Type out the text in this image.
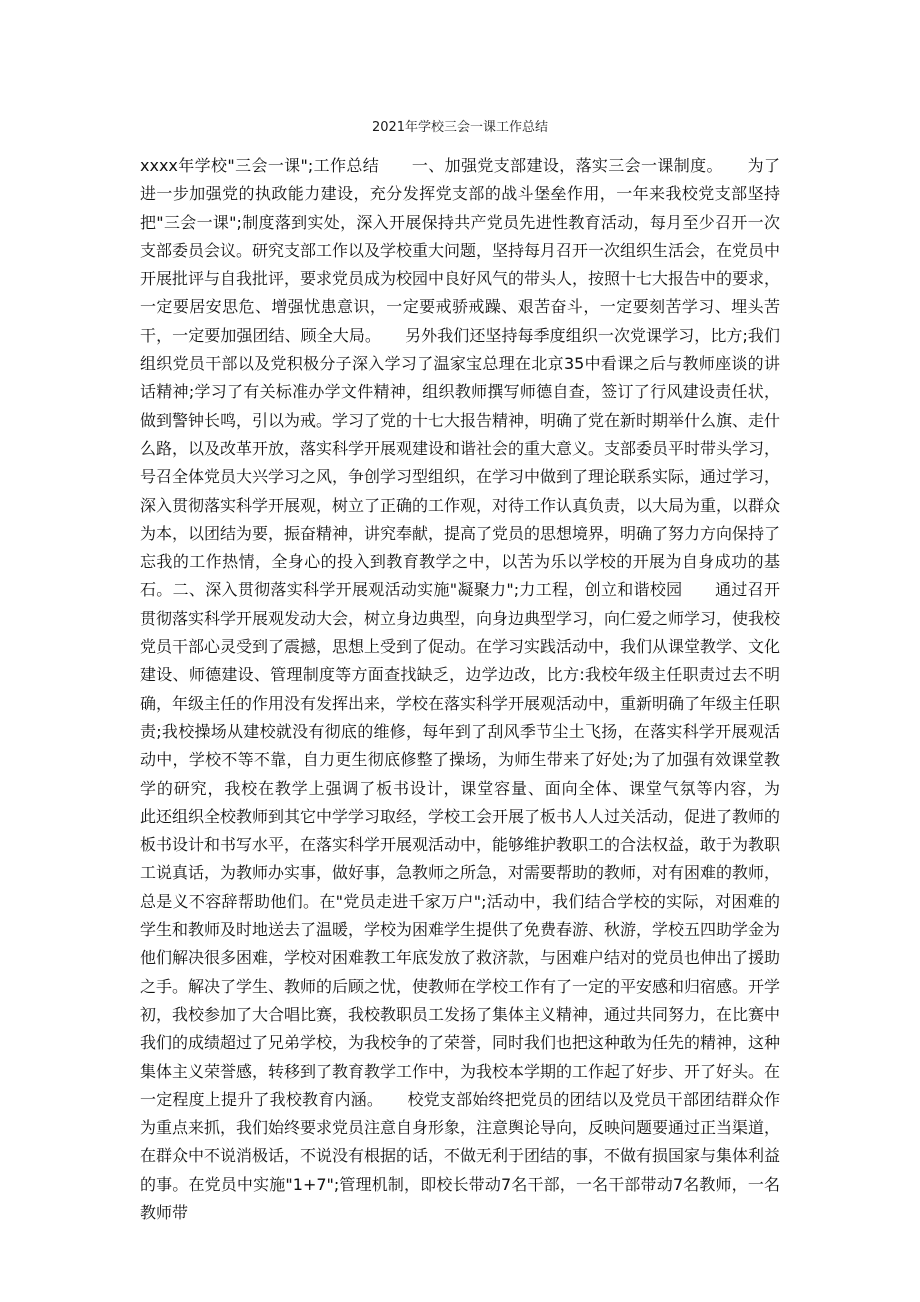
2021年学校三会一课工作总结

xxxx年学校"三会一课";工作总结　　一、加强党支部建设，落实三会一课制度。　　为了进一步加强党的执政能力建设，充分发挥党支部的战斗堡垒作用，一年来我校党支部坚持把"三会一课";制度落到实处，深入开展保持共产党员先进性教育活动，每月至少召开一次支部委员会议。研究支部工作以及学校重大问题，坚持每月召开一次组织生活会，在党员中开展批评与自我批评，要求党员成为校园中良好风气的带头人，按照十七大报告中的要求，一定要居安思危、增强忧患意识，一定要戒骄戒躁、艰苦奋斗，一定要刻苦学习、埋头苦干，一定要加强团结、顾全大局。　　另外我们还坚持每季度组织一次党课学习，比方;我们组织党员干部以及党积极分子深入学习了温家宝总理在北京35中看课之后与教师座谈的讲话精神;学习了有关标准办学文件精神，组织教师撰写师德自查，签订了行风建设责任状，做到警钟长鸣，引以为戒。学习了党的十七大报告精神，明确了党在新时期举什么旗、走什么路，以及改革开放，落实科学开展观建设和谐社会的重大意义。支部委员平时带头学习，号召全体党员大兴学习之风，争创学习型组织，在学习中做到了理论联系实际，通过学习，深入贯彻落实科学开展观，树立了正确的工作观，对待工作认真负责，以大局为重，以群众为本，以团结为要，振奋精神，讲究奉献，提高了党员的思想境界，明确了努力方向保持了忘我的工作热情，全身心的投入到教育教学之中，以苦为乐以学校的开展为自身成功的基石。二、深入贯彻落实科学开展观活动实施"凝聚力";力工程，创立和谐校园　　通过召开贯彻落实科学开展观发动大会，树立身边典型，向身边典型学习，向仁爱之师学习，使我校党员干部心灵受到了震撼，思想上受到了促动。在学习实践活动中，我们从课堂教学、文化建设、师德建设、管理制度等方面查找缺乏，边学边改，比方:我校年级主任职责过去不明确，年级主任的作用没有发挥出来，学校在落实科学开展观活动中，重新明确了年级主任职责;我校操场从建校就没有彻底的维修，每年到了刮风季节尘土飞扬，在落实科学开展观活动中，学校不等不靠，自力更生彻底修整了操场，为师生带来了好处;为了加强有效课堂教学的研究，我校在教学上强调了板书设计，课堂容量、面向全体、课堂气氛等内容，为　　此还组织全校教师到其它中学学习取经，学校工会开展了板书人人过关活动，促进了教师的板书设计和书写水平，在落实科学开展观活动中，能够维护教职工的合法权益，敢于为教职工说真话，为教师办实事，做好事，急教师之所急，对需要帮助的教师，对有困难的教师，总是义不容辞帮助他们。在"党员走进千家万户";活动中，我们结合学校的实际，对困难的学生和教师及时地送去了温暖，学校为困难学生提供了免费春游、秋游，学校五四助学金为他们解决很多困难，学校对困难教工年底发放了救济款，与困难户结对的党员也伸出了援助之手。解决了学生、教师的后顾之忧，使教师在学校工作有了一定的平安感和归宿感。开学初，我校参加了大合唱比赛，我校教职员工发扬了集体主义精神，通过共同努力，在比赛中我们的成绩超过了兄弟学校，为我校争的了荣誉，同时我们也把这种敢为任先的精神，这种集体主义荣誉感，转移到了教育教学工作中，为我校本学期的工作起了好步、开了好头。在一定程度上提升了我校教育内涵。　　校党支部始终把党员的团结以及党员干部团结群众作为重点来抓，我们始终要求党员注意自身形象，注意舆论导向，反映问题要通过正当渠道，在群众中不说消极话，不说没有根据的话，不做无利于团结的事，不做有损国家与集体利益的事。在党员中实施"1+7";管理机制，即校长带动7名干部，一名干部带动7名教师，一名教师带
